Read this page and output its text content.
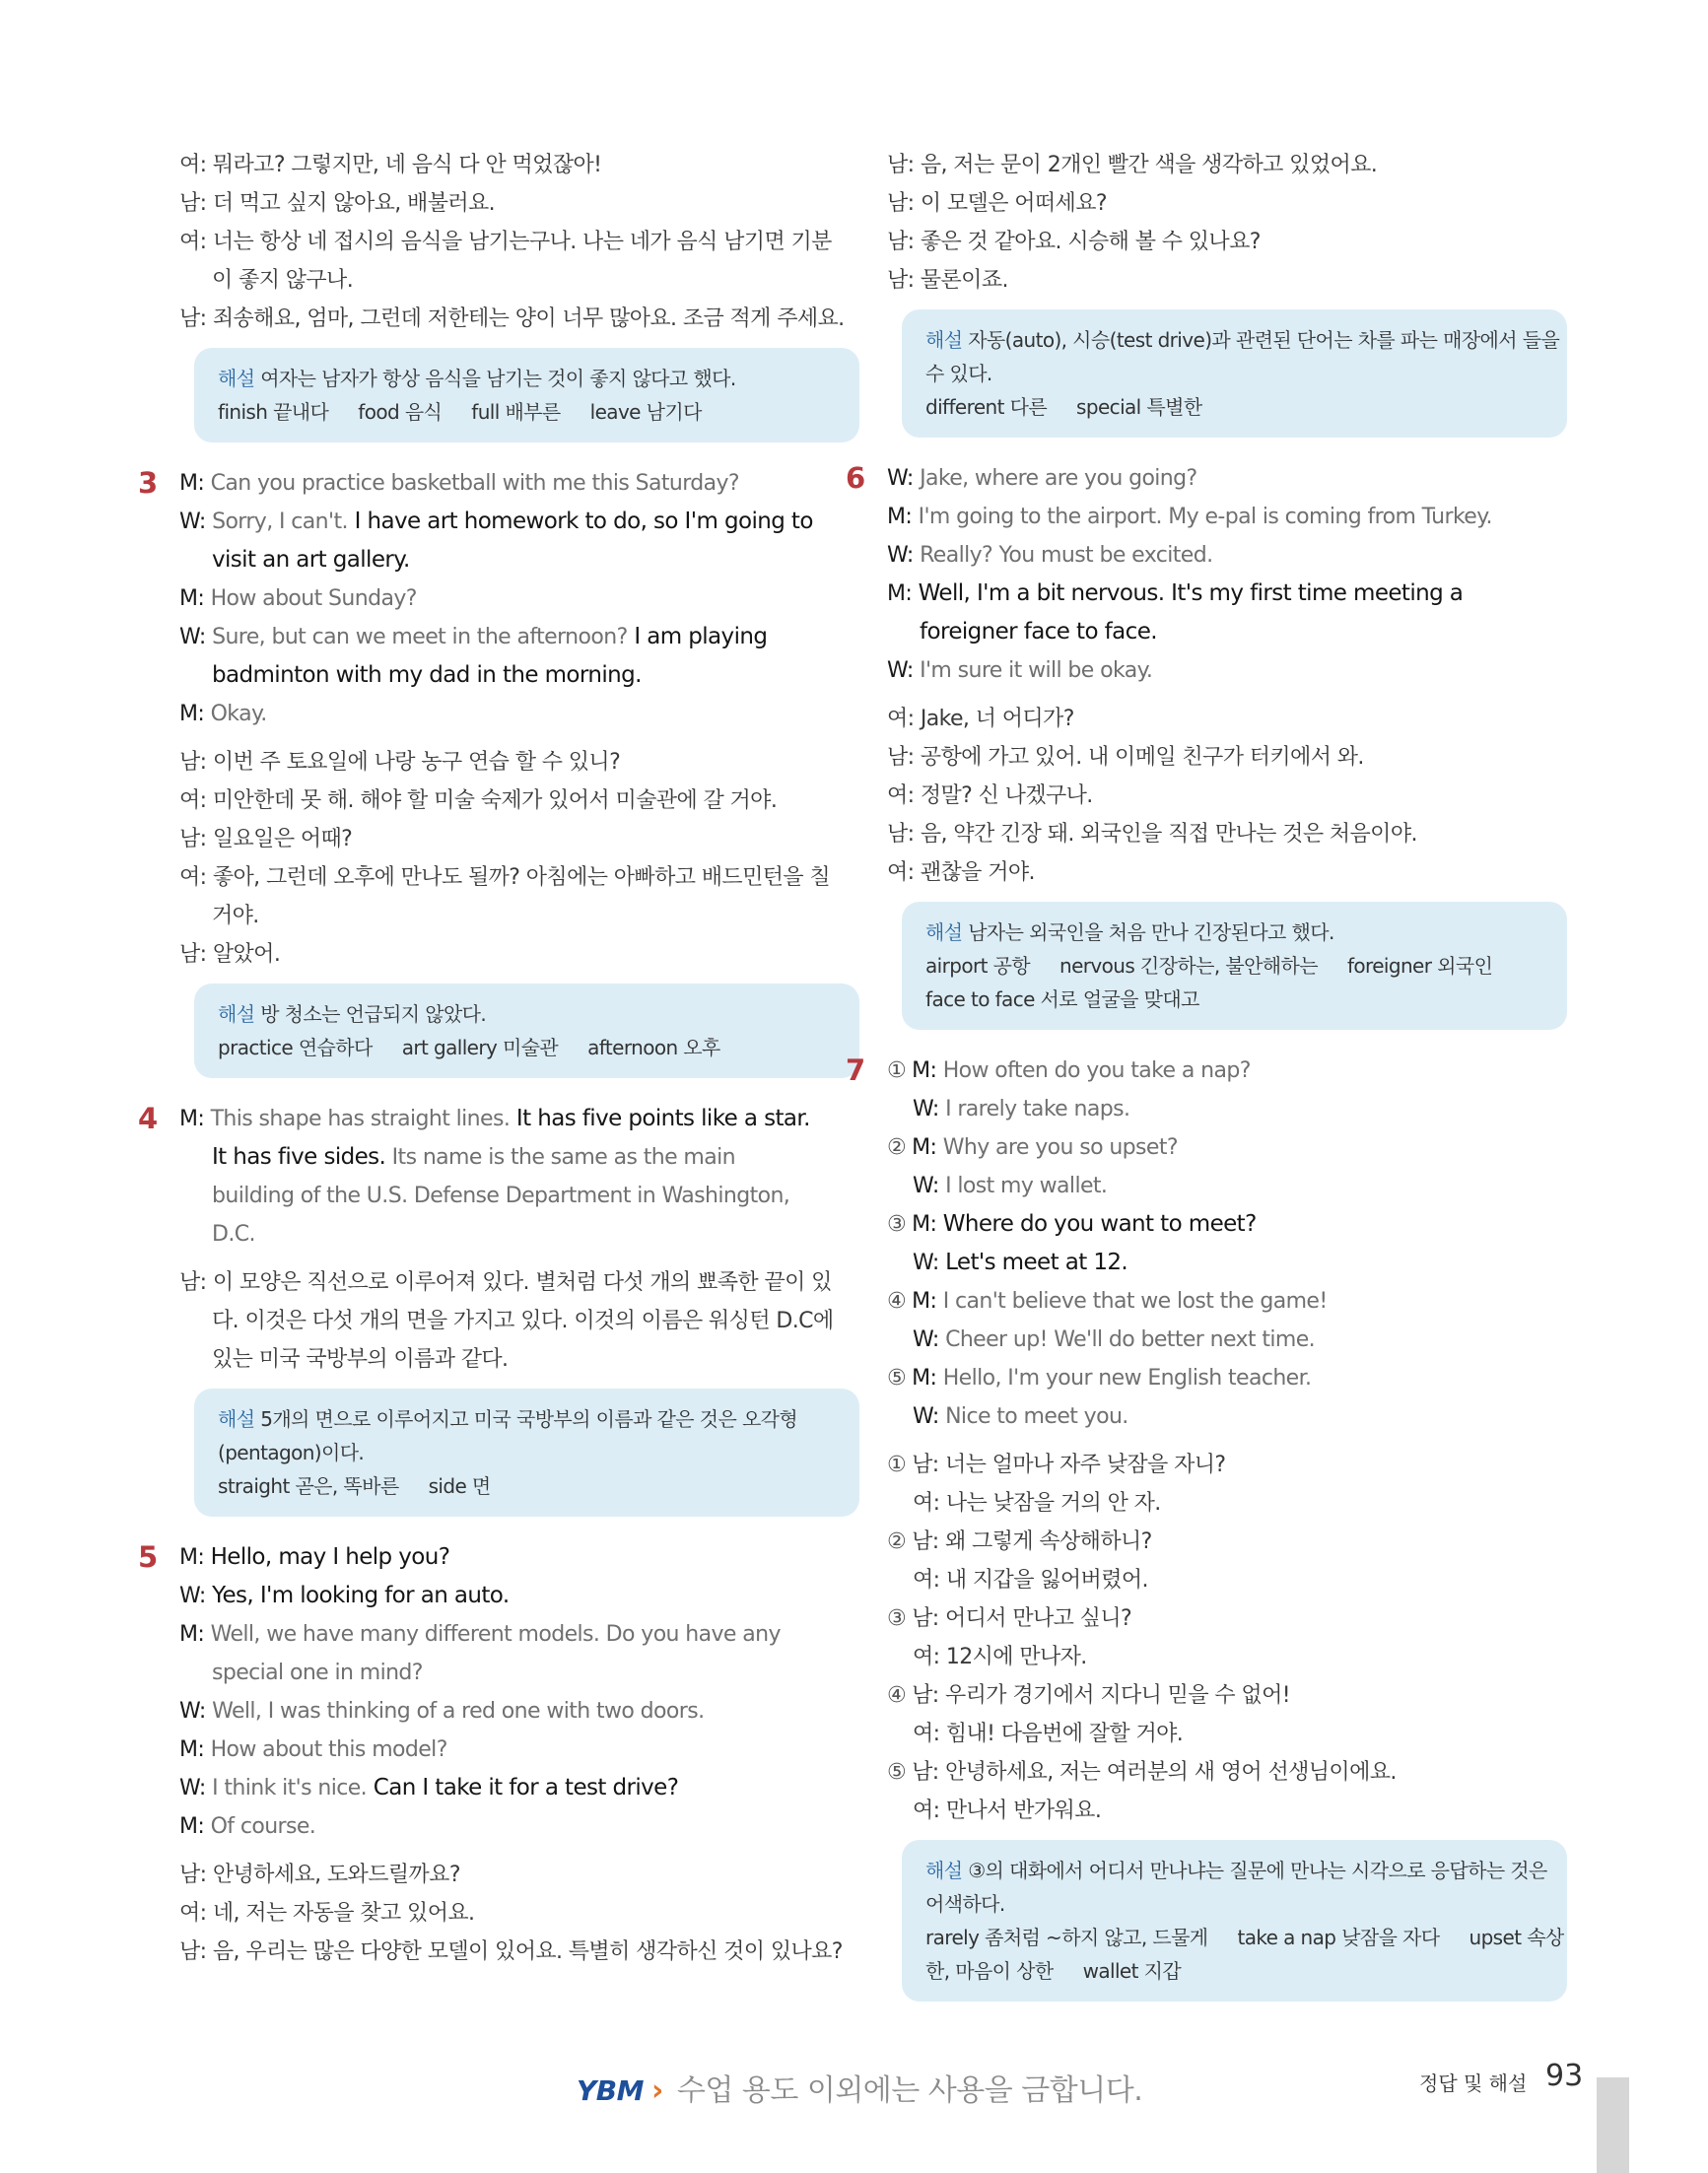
여: 뭐라고? 그렇지만, 네 음식 다 안 먹었잖아!
남: 더 먹고 싶지 않아요, 배불러요.
여: 너는 항상 네 접시의 음식을 남기는구나. 나는 네가 음식 남기면 기분
이 좋지 않구나.
남: 죄송해요, 엄마, 그런데 저한테는 양이 너무 많아요. 조금 적게 주세요.
해설 여자는 남자가 항상 음식을 남기는 것이 좋지 않다고 했다.
finish 끝내다 food 음식 full 배부른 leave 남기다
3 M: Can you practice basketball with me this Saturday?
W: Sorry, I can't. I have art homework to do, so I'm going to
visit an art gallery.
M: How about Sunday?
W: Sure, but can we meet in the afternoon? I am playing
badminton with my dad in the morning.
M: Okay.
남: 이번 주 토요일에 나랑 농구 연습 할 수 있니?
여: 미안한데 못 해. 해야 할 미술 숙제가 있어서 미술관에 갈 거야.
남: 일요일은 어때?
여: 좋아, 그런데 오후에 만나도 될까? 아침에는 아빠하고 배드민턴을 칠
거야.
남: 알았어.
해설 방 청소는 언급되지 않았다.
practice 연습하다 art gallery 미술관 afternoon 오후
4 M: This shape has straight lines. It has five points like a star.
It has five sides. Its name is the same as the main
building of the U.S. Defense Department in Washington,
D.C.
남: 이 모양은 직선으로 이루어져 있다. 별처럼 다섯 개의 뾰족한 끝이 있
다. 이것은 다섯 개의 면을 가지고 있다. 이것의 이름은 워싱턴 D.C에
있는 미국 국방부의 이름과 같다.
해설 5개의 면으로 이루어지고 미국 국방부의 이름과 같은 것은 오각형
(pentagon)이다.
straight 곧은, 똑바른 side 면
5 M: Hello, may I help you?
W: Yes, I'm looking for an auto.
M: Well, we have many different models. Do you have any
special one in mind?
W: Well, I was thinking of a red one with two doors.
M: How about this model?
W: I think it's nice. Can I take it for a test drive?
M: Of course.
남: 안녕하세요, 도와드릴까요?
여: 네, 저는 자동을 찾고 있어요.
남: 음, 우리는 많은 다양한 모델이 있어요. 특별히 생각하신 것이 있나요?
남: 음, 저는 문이 2개인 빨간 색을 생각하고 있었어요.
남: 이 모델은 어떠세요?
남: 좋은 것 같아요. 시승해 볼 수 있나요?
남: 물론이죠.
해설 자동(auto), 시승(test drive)과 관련된 단어는 차를 파는 매장에서 들을
수 있다.
different 다른 special 특별한
6 W: Jake, where are you going?
M: I'm going to the airport. My e-pal is coming from Turkey.
W: Really? You must be excited.
M: Well, I'm a bit nervous. It's my first time meeting a
foreigner face to face.
W: I'm sure it will be okay.
여: Jake, 너 어디가?
남: 공항에 가고 있어. 내 이메일 친구가 터키에서 와.
여: 정말? 신 나겠구나.
남: 음, 약간 긴장 돼. 외국인을 직접 만나는 것은 처음이야.
여: 괜찮을 거야.
해설 남자는 외국인을 처음 만나 긴장된다고 했다.
airport 공항 nervous 긴장하는, 불안해하는 foreigner 외국인
face to face 서로 얼굴을 맞대고
7 ① M: How often do you take a nap?
W: I rarely take naps.
② M: Why are you so upset?
W: I lost my wallet.
③ M: Where do you want to meet?
W: Let's meet at 12.
④ M: I can't believe that we lost the game!
W: Cheer up! We'll do better next time.
⑤ M: Hello, I'm your new English teacher.
W: Nice to meet you.
① 남: 너는 얼마나 자주 낮잠을 자니?
여: 나는 낮잠을 거의 안 자.
② 남: 왜 그렇게 속상해하니?
여: 내 지갑을 잃어버렸어.
③ 남: 어디서 만나고 싶니?
여: 12시에 만나자.
④ 남: 우리가 경기에서 지다니 믿을 수 없어!
여: 힘내! 다음번에 잘할 거야.
⑤ 남: 안녕하세요, 저는 여러분의 새 영어 선생님이에요.
여: 만나서 반가워요.
해설 ③의 대화에서 어디서 만나냐는 질문에 만나는 시각으로 응답하는 것은
어색하다.
rarely 좀처럼 ~하지 않고, 드물게 take a nap 낮잠을 자다 upset 속상
한, 마음이 상한 wallet 지갑
YBM › 수업 용도 이외에는 사용을 금합니다.	정답 및 해설 93
